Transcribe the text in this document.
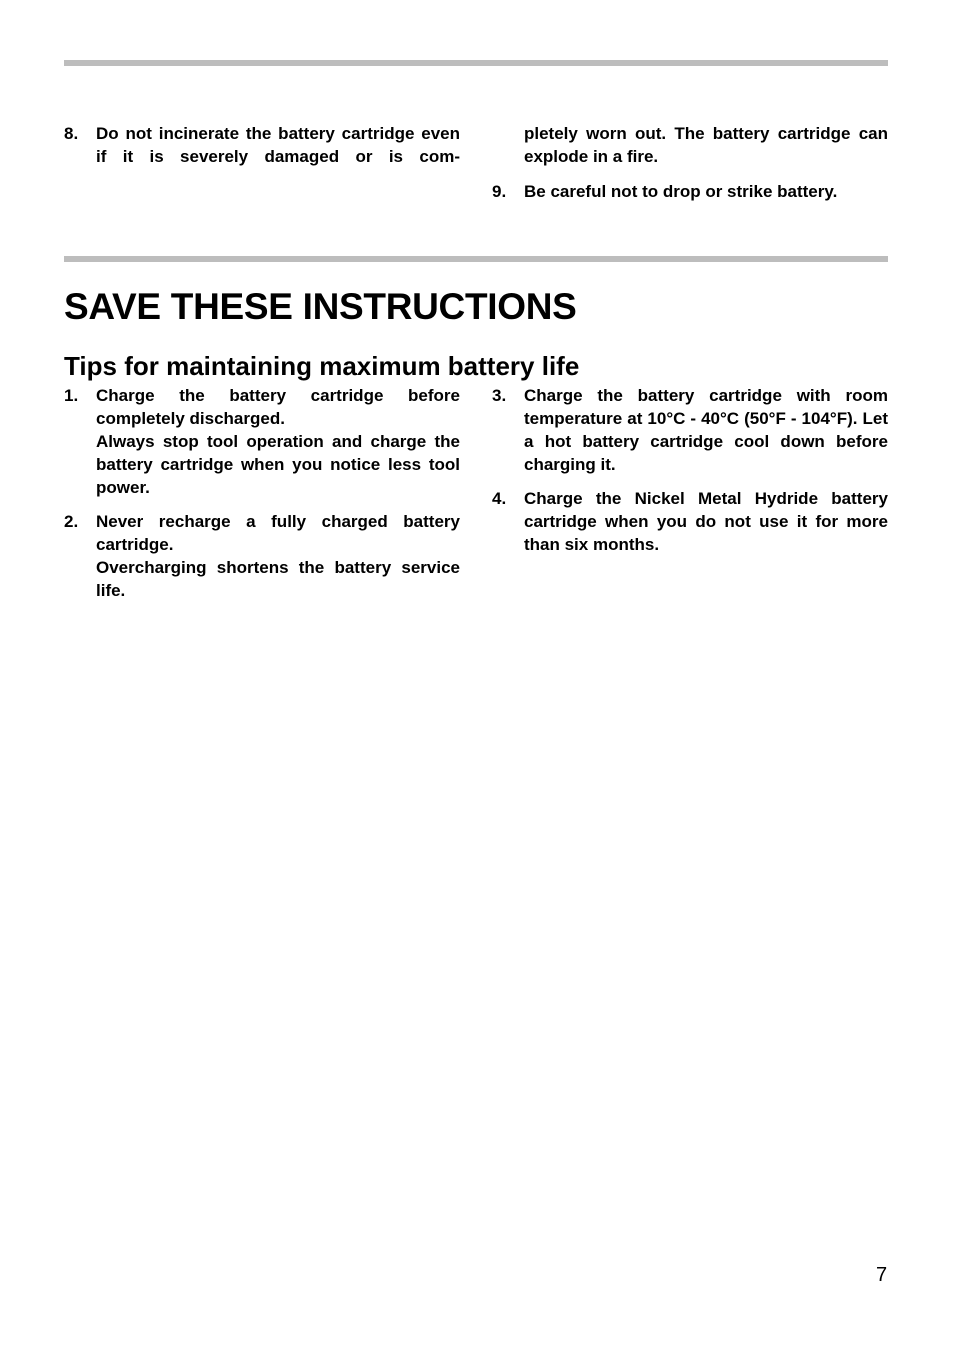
8. Do not incinerate the battery cartridge even if it is severely damaged or is com-

pletely worn out. The battery cartridge can explode in a fire.

9. Be careful not to drop or strike battery.

SAVE THESE INSTRUCTIONS
Tips for maintaining maximum battery life
1. Charge the battery cartridge before completely discharged.

Always stop tool operation and charge the battery cartridge when you notice less tool power.

2. Never recharge a fully charged battery cartridge.

Overcharging shortens the battery service life.

3. Charge the battery cartridge with room temperature at 10°C - 40°C (50°F - 104°F). Let a hot battery cartridge cool down before charging it.

4. Charge the Nickel Metal Hydride battery cartridge when you do not use it for more than six months.

7
